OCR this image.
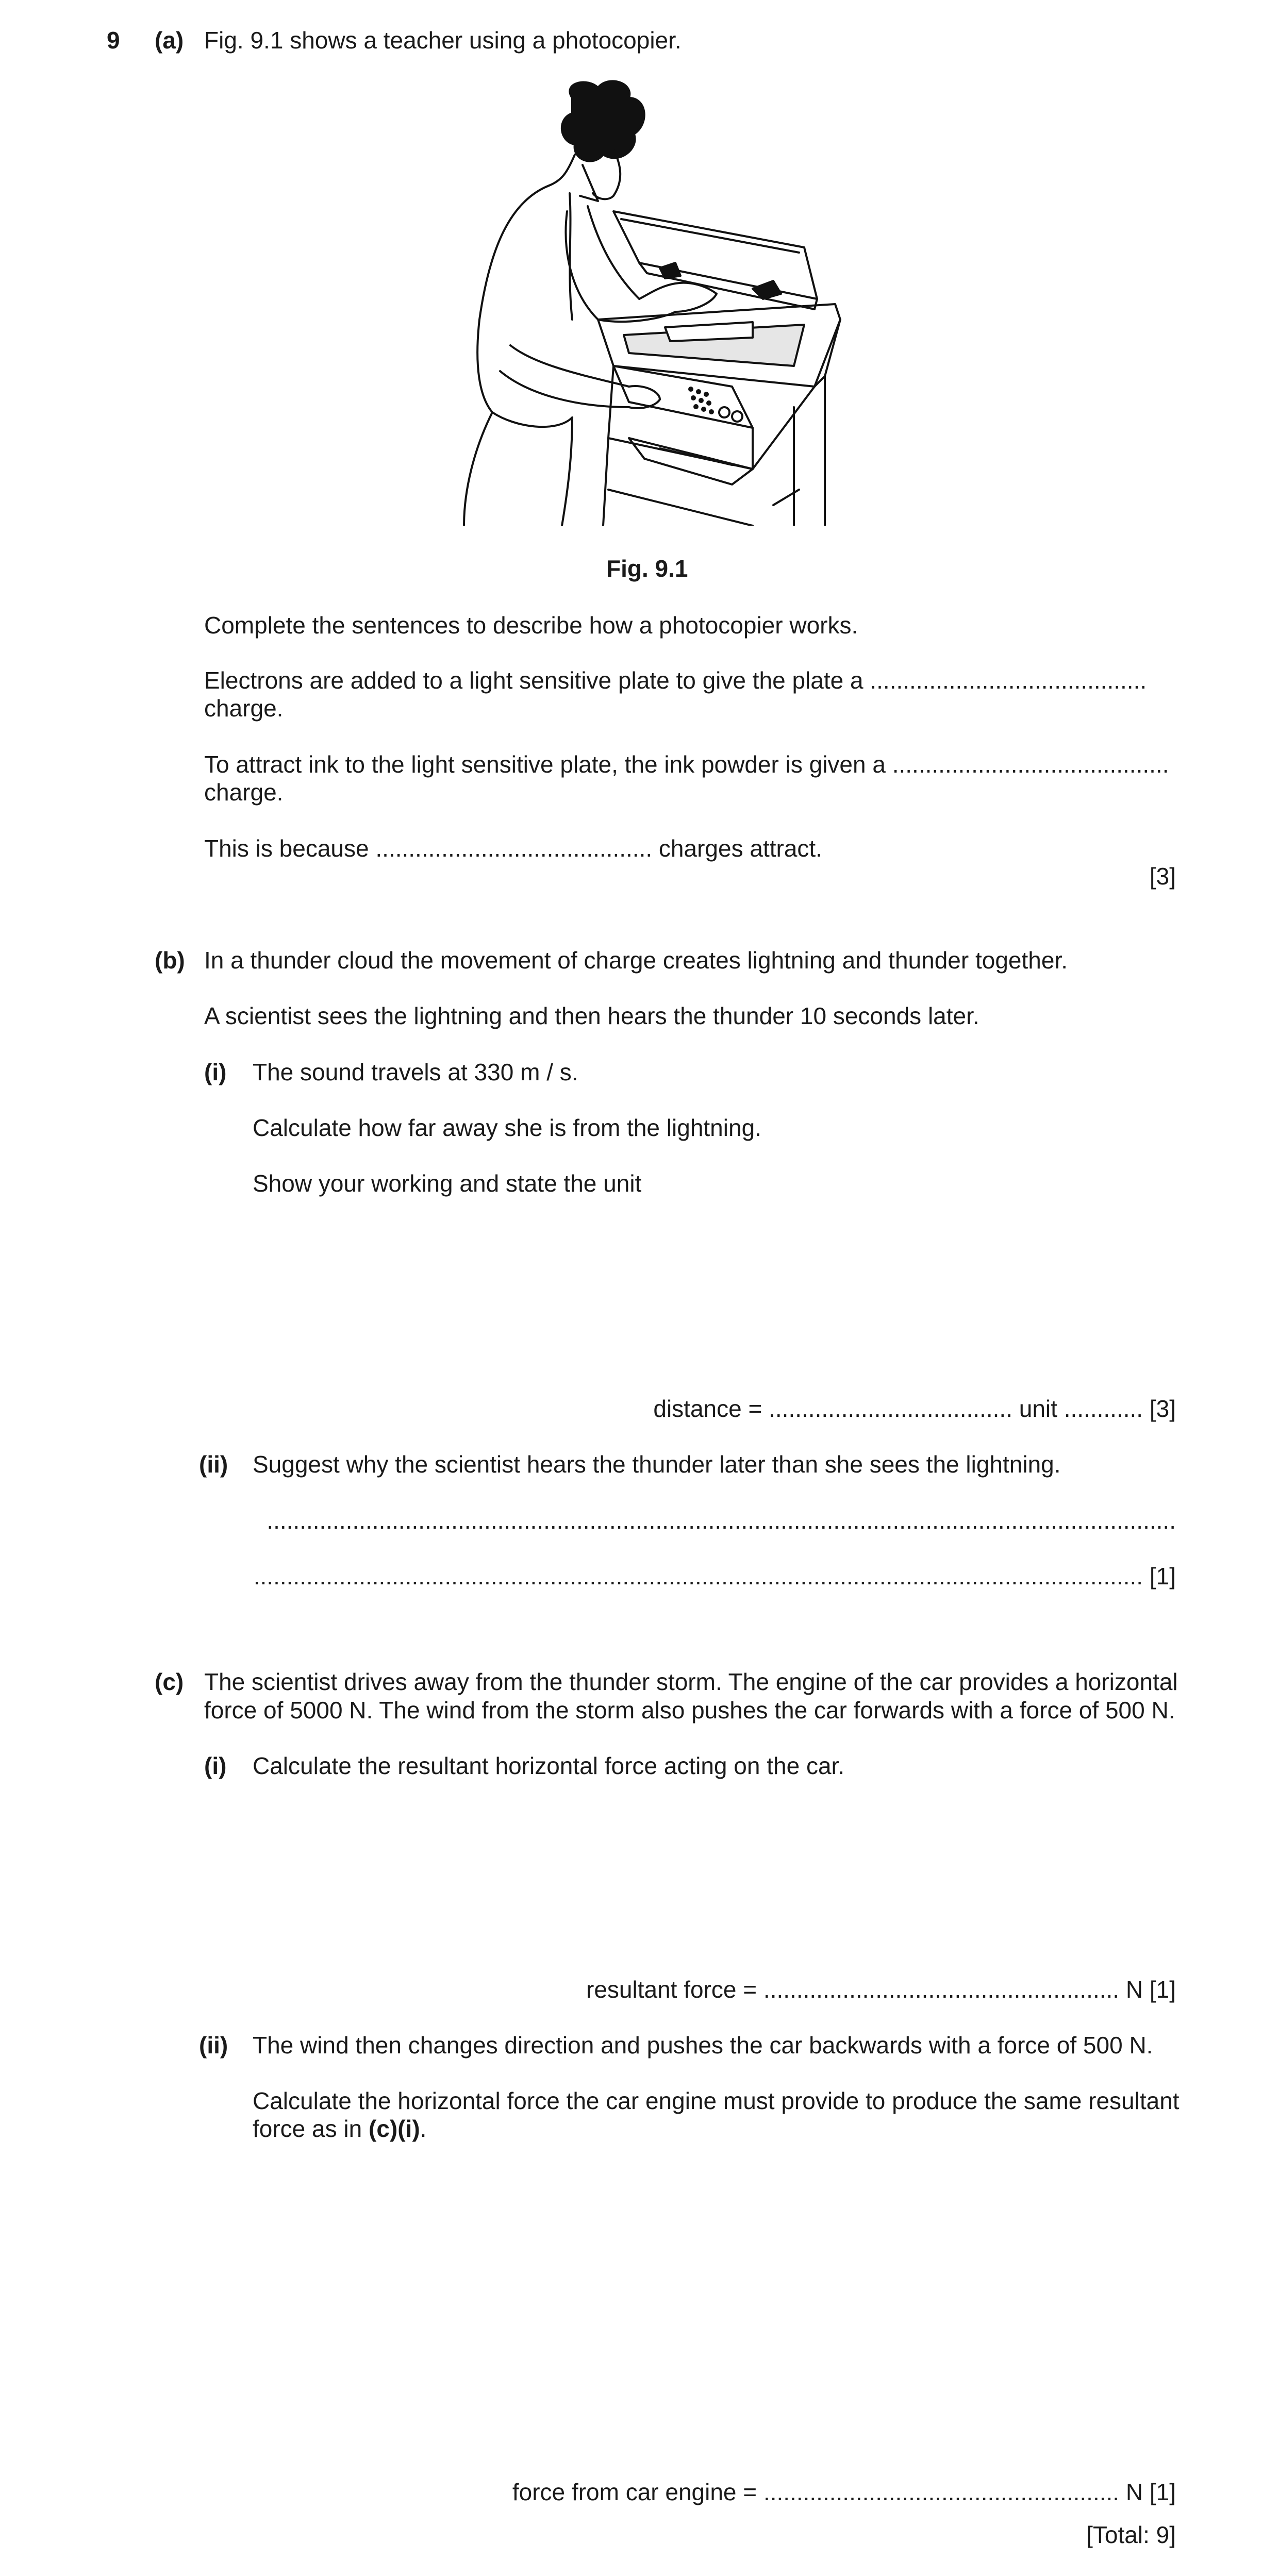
9 (a) Fig. 9.1 shows a teacher using a photocopier.
Fig. 9.1
Complete the sentences to describe how a photocopier works.
Electrons are added to a light sensitive plate to give the plate a ..........................................
charge.
To attract ink to the light sensitive plate, the ink powder is given a ..........................................
charge.
This is because .......................................... charges attract.
[3]
(b) In a thunder cloud the movement of charge creates lightning and thunder together.
A scientist sees the lightning and then hears the thunder 10 seconds later.
(i) The sound travels at 330 m / s.
Calculate how far away she is from the lightning.
Show your working and state the unit
distance = ..................................... unit ............ [3]
(ii) Suggest why the scientist hears the thunder later than she sees the lightning.
..........................................................................................................................................
....................................................................................................................................... [1]
(c) The scientist drives away from the thunder storm. The engine of the car provides a horizontal
force of 5000 N. The wind from the storm also pushes the car forwards with a force of 500 N.
(i) Calculate the resultant horizontal force acting on the car.
resultant force = ...................................................... N [1]
(ii) The wind then changes direction and pushes the car backwards with a force of 500 N.
Calculate the horizontal force the car engine must provide to produce the same resultant
force as in (c)(i).
force from car engine = ...................................................... N [1]
[Total: 9]
